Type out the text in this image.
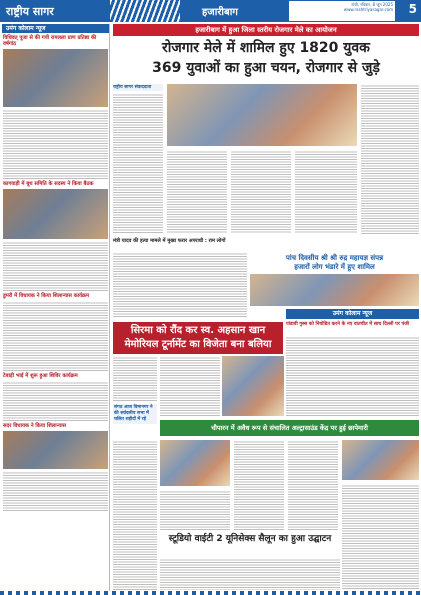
राष्ट्रीय सागर	हजारीबाग
रांची, रविवार, 8 जून 2025
www.rashtriyasagar.com 5
उमंग कोलाम न्यूज
विधिवत् पूजा से की गयी रामलला प्राण प्रतिष्ठा की वर्षगांठ
कागवाड़ी में बूथ समिति के सदस्य ने किया बैठक
डुमरी में विधायक ने किया शिलान्यास कार्यक्रम
टेबाड़ी भाई में शुरू हुआ शिविर कार्यक्रम
सदर विधायक ने किया शिलान्यास
हजारीबाग में हुआ जिला स्तरीय रोजगार मेले का आयोजन
रोजगार मेले में शामिल हुए 1820 युवक
369 युवाओं का हुआ चयन, रोजगार से जुड़े
राष्ट्रीय सागर संवाददाता
मंत्री यादव की हत्या मामले में मुख्य फरार अपराधी : राम लोगों
पांच दिवसीय श्री श्री रुद्र महायज्ञ संपन्न
हजारों लोग भंडारे में हुए शामिल
उमंग कोलाम न्यूज
पांडावी गुस्स को नियोडित करने के नए वातचीत में साथ दिल्ली पर पंजी
सिरमा को रौंद कर स्व. अहसान खान
मेमोरियल टूर्नामेंट का विजेता बना बलिया
संगठ आज विमानगर ने की सर्वदलीय सभा में चलित शहीदों में रहे
चौपारन में अवैध रूप से संचालित अल्ट्रासाउंड केंद्र पर हुई छापेमारी
स्टूडियो वाईटी 2 यूनिसेक्स सैलून का हुआ उद्घाटन
